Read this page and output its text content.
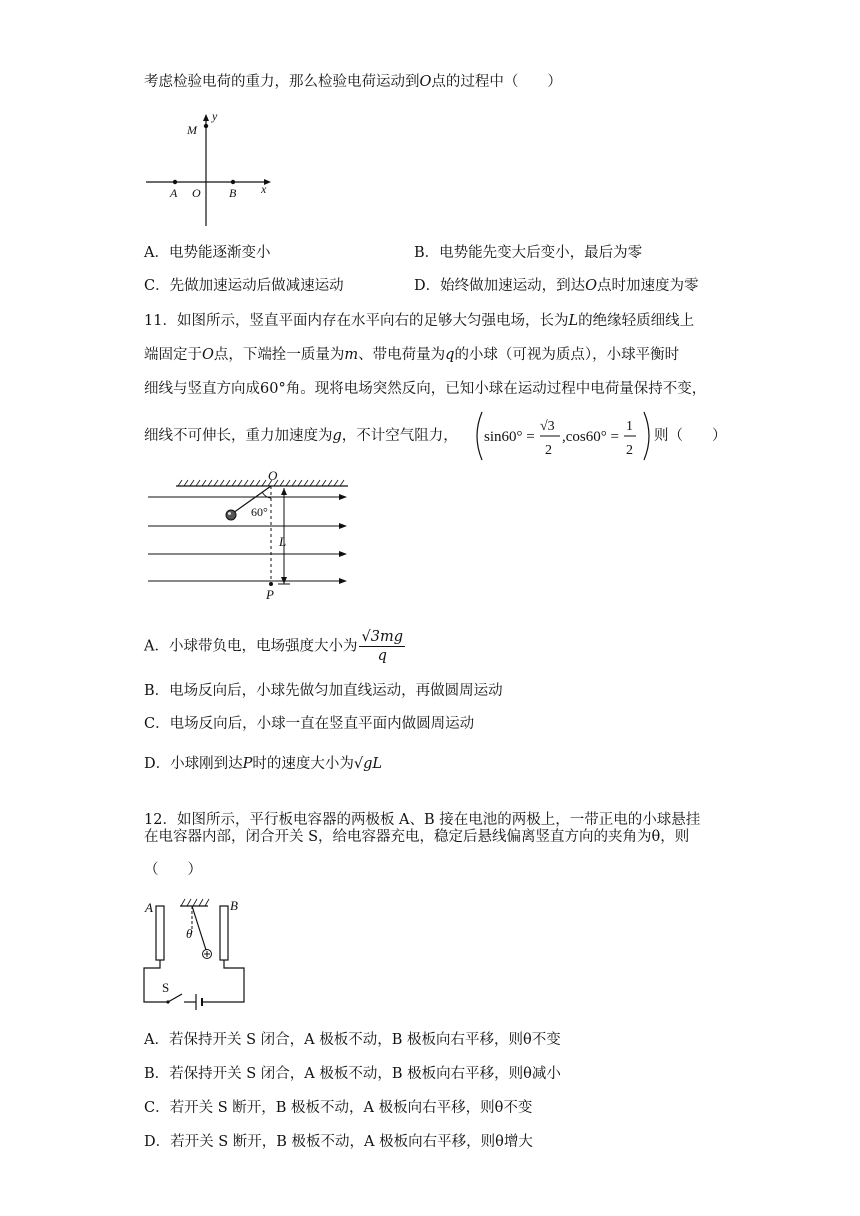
考虑检验电荷的重力，那么检验电荷运动到O点的过程中（　　）
M
y
A O B x
A．电势能逐渐变小	B．电势能先变大后变小，最后为零
C．先做加速运动后做减速运动	D．始终做加速运动，到达O点时加速度为零
11．如图所示，竖直平面内存在水平向右的足够大匀强电场，长为L的绝缘轻质细线上
端固定于O点，下端拴一质量为m、带电荷量为q的小球（可视为质点），小球平衡时
细线与竖直方向成60°角。现将电场突然反向，已知小球在运动过程中电荷量保持不变，
细线不可伸长，重力加速度为g，不计空气阻力， sin60° =
√3
2
,cos60° =
1
2
则（　　）
O
60°
L
P
A．小球带负电，电场强度大小为 $\frac{√3mg}{q}$
B．电场反向后，小球先做匀加直线运动，再做圆周运动
C．电场反向后，小球一直在竖直平面内做圆周运动
D．小球刚到达P时的速度大小为√gL
12．如图所示，平行板电容器的两极板 A、B 接在电池的两极上，一带正电的小球悬挂
在电容器内部，闭合开关 S，给电容器充电，稳定后悬线偏离竖直方向的夹角为θ，则
（　　）
A	B
θ
S
A．若保持开关 S 闭合，A 极板不动，B 极板向右平移，则θ不变
B．若保持开关 S 闭合，A 极板不动，B 极板向右平移，则θ减小
C．若开关 S 断开，B 极板不动，A 极板向右平移，则θ不变
D．若开关 S 断开，B 极板不动，A 极板向右平移，则θ增大
